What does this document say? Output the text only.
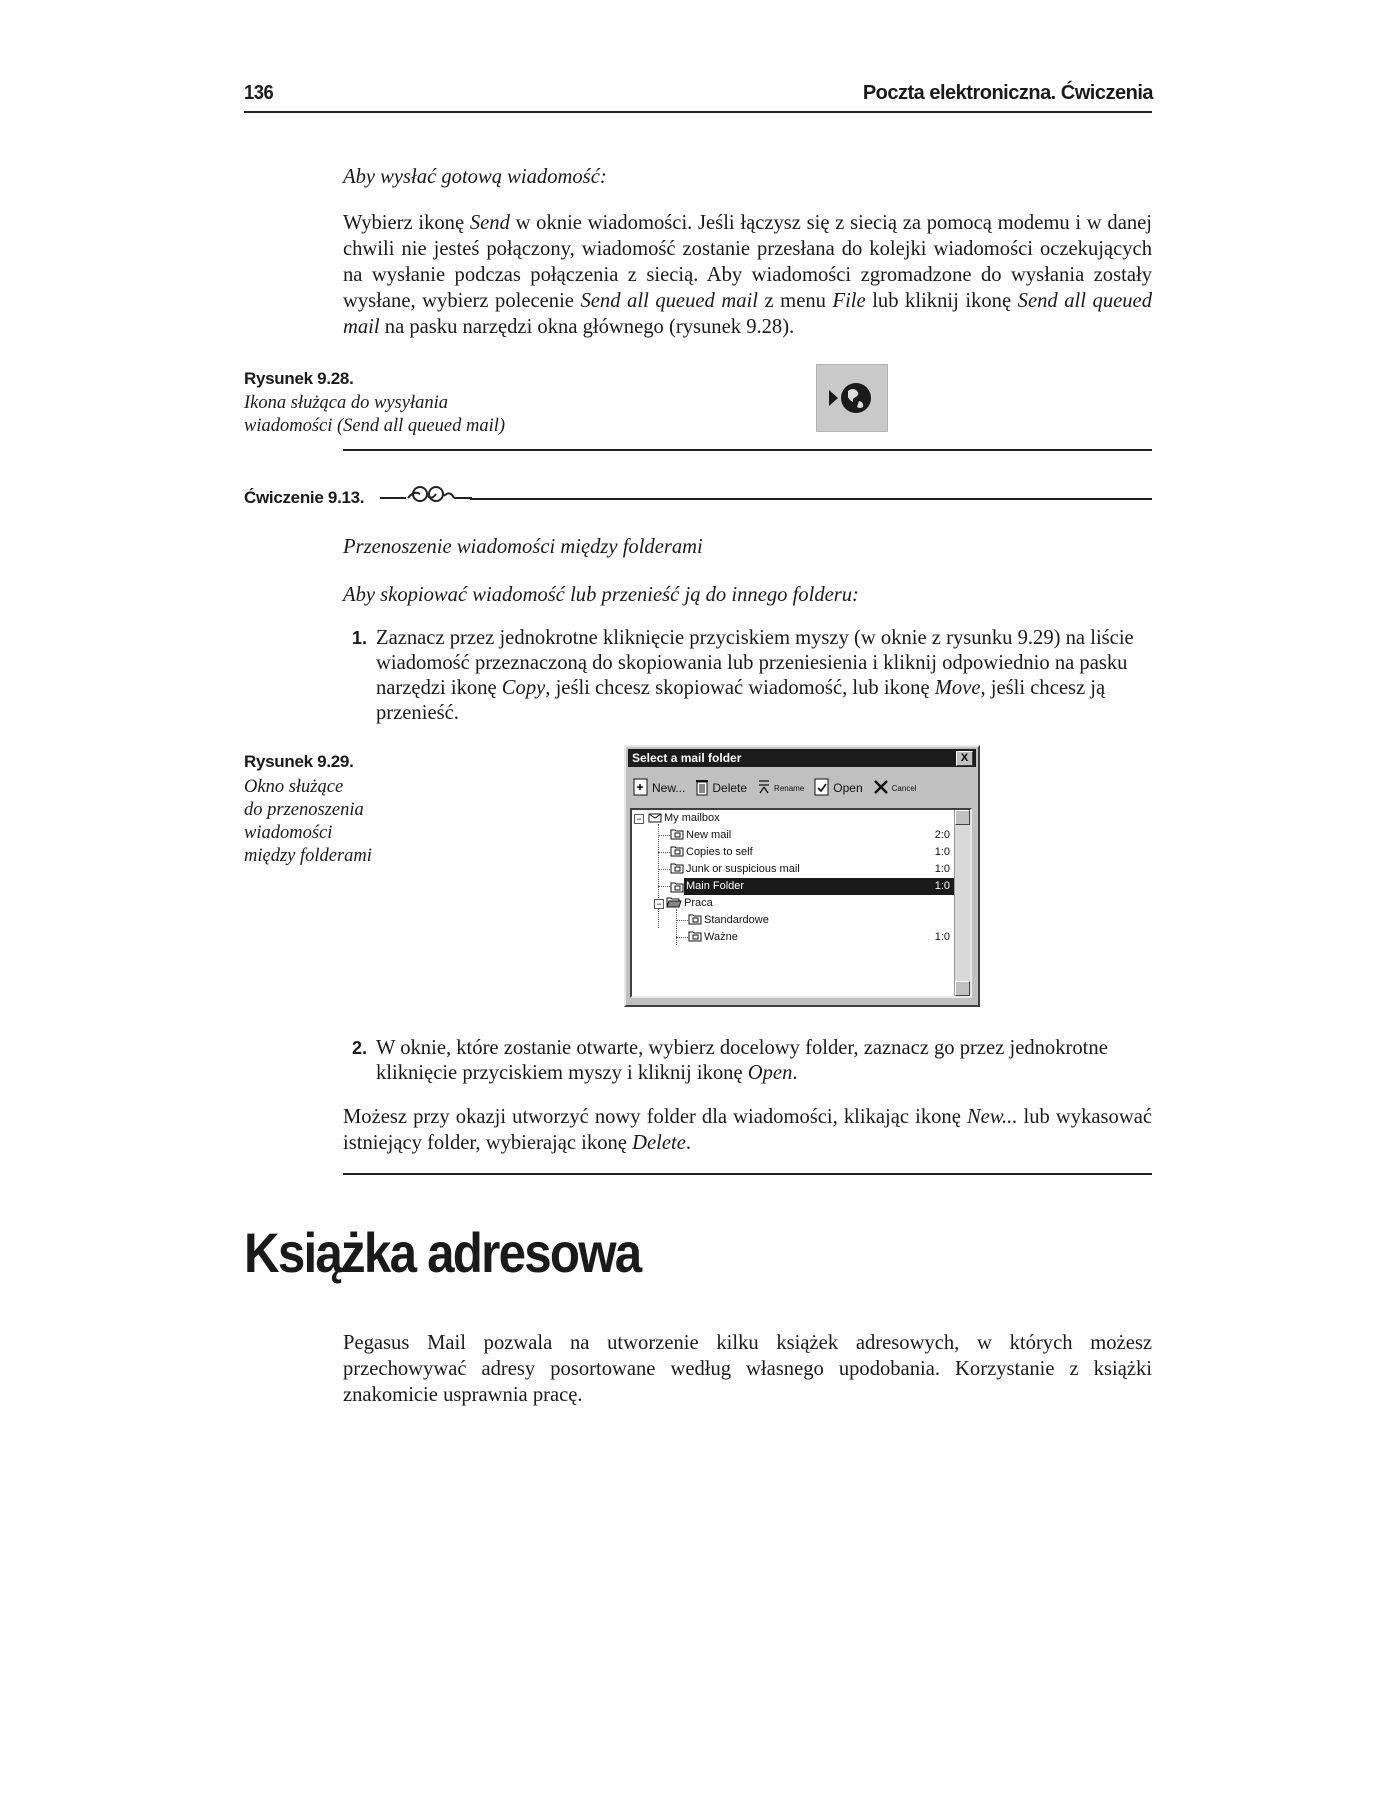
136	Poczta elektroniczna. Ćwiczenia
Aby wysłać gotową wiadomość:
Wybierz ikonę Send w oknie wiadomości. Jeśli łączysz się z siecią za pomocą modemu i w danej chwili nie jesteś połączony, wiadomość zostanie przesłana do kolejki wiadomości oczekujących na wysłanie podczas połączenia z siecią. Aby wiadomości zgromadzone do wysłania zostały wysłane, wybierz polecenie Send all queued mail z menu File lub kliknij ikonę Send all queued mail na pasku narzędzi okna głównego (rysunek 9.28).
Rysunek 9.28.
Ikona służąca do wysyłania
wiadomości (Send all queued mail)
Ćwiczenie 9.13.
Przenoszenie wiadomości między folderami
Aby skopiować wiadomość lub przenieść ją do innego folderu:
1. Zaznacz przez jednokrotne kliknięcie przyciskiem myszy (w oknie z rysunku 9.29) na liście wiadomość przeznaczoną do skopiowania lub przeniesienia i kliknij odpowiednio na pasku narzędzi ikonę Copy, jeśli chcesz skopiować wiadomość, lub ikonę Move, jeśli chcesz ją przenieść.
Rysunek 9.29.
Okno służące
do przenoszenia
wiadomości
między folderami
Select a mail folder	X
New... Delete	Rename Open	Cancel
−
−
My mailbox
New mail	2:0
Copies to self	1:0
Junk or suspicious mail	1:0
Main Folder	1:0
Praca
Standardowe
Ważne	1:0
2. W oknie, które zostanie otwarte, wybierz docelowy folder, zaznacz go przez jednokrotne kliknięcie przyciskiem myszy i kliknij ikonę Open.
Możesz przy okazji utworzyć nowy folder dla wiadomości, klikając ikonę New... lub wykasować istniejący folder, wybierając ikonę Delete.
Książka adresowa
Pegasus Mail pozwala na utworzenie kilku książek adresowych, w których możesz przechowywać adresy posortowane według własnego upodobania. Korzystanie z książki znakomicie usprawnia pracę.
